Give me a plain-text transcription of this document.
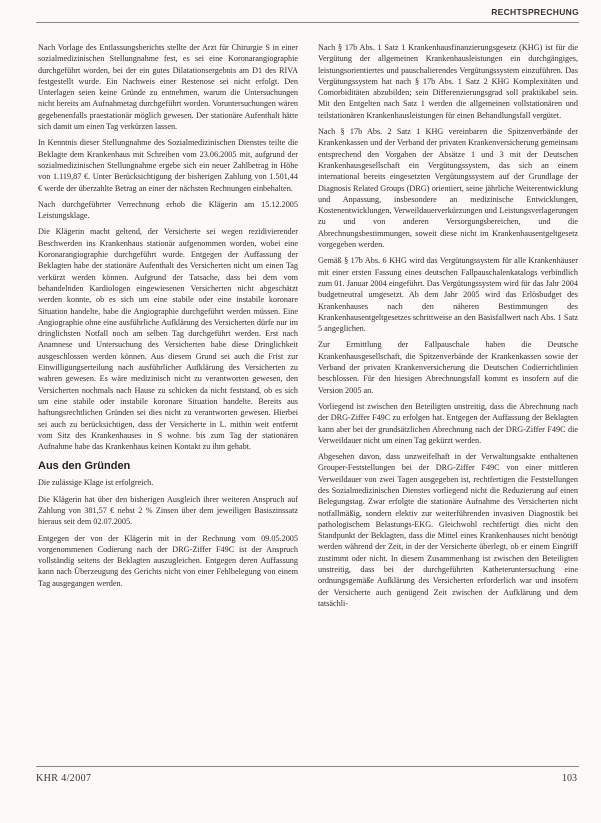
RECHTSPRECHUNG

Nach Vorlage des Entlassungsberichts stellte der Arzt für Chirurgie S in einer sozialmedizinischen Stellungnahme fest, es sei eine Koronarangiographie durchgeführt worden, bei der ein gutes Dilatationsergebnis am D1 des RIVA festgestellt wurde. Ein Nachweis einer Restenose sei nicht erfolgt. Den Unterlagen seien keine Gründe zu entnehmen, warum die Untersuchungen nicht bereits am Aufnahmetag durchgeführt worden. Voruntersuchungen wären gegebenenfalls praestationär möglich gewesen. Der stationäre Aufenthalt hätte sich damit um einen Tag verkürzen lassen.

In Kenntnis dieser Stellungnahme des Sozialmedizinischen Dienstes teilte die Beklagte dem Krankenhaus mit Schreiben vom 23.06.2005 mit, aufgrund der sozialmedizinischen Stellungnahme ergebe sich ein neuer Zahlbetrag in Höhe von 1.119,87 €. Unter Berücksichtigung der bisherigen Zahlung von 1.501,44 € werde der überzahlte Betrag an einer der nächsten Rechnungen einbehalten.

Nach durchgeführter Verrechnung erhob die Klägerin am 15.12.2005 Leistungsklage.

Die Klägerin macht geltend, der Versicherte sei wegen rezidivierender Beschwerden ins Krankenhaus stationär aufgenommen worden, wobei eine Koronarangiographie durchgeführt wurde. Entgegen der Auffassung der Beklagten habe der stationäre Aufenthalt des Versicherten nicht um einen Tag verkürzt werden können. Aufgrund der Tatsache, dass bei dem vom behandelnden Kardiologen eingewiesenen Versicherten nicht abgeschätzt werden konnte, ob es sich um eine stabile oder eine instabile koronare Situation handelte, habe die Angiographie durchgeführt werden müssen. Eine Angiographie ohne eine ausführliche Aufklärung des Versicherten dürfe nur im dringlichsten Notfall noch am selben Tag durchgeführt werden. Erst nach Anamnese und Untersuchung des Versicherten habe diese Dringlichkeit ausgeschlossen werden können. Aus diesem Grund sei auch die Frist zur Einwilligungserteilung nach ausführlicher Aufklärung des Versicherten zu wahren gewesen. Es wäre medizinisch nicht zu verantworten gewesen, den Versicherten nochmals nach Hause zu schicken da nicht feststand, ob es sich um eine stabile oder instabile koronare Situation handelte. Bereits aus haftungsrechtlichen Gründen sei dies nicht zu verantworten gewesen. Hierbei sei auch zu berücksichtigen, dass der Versicherte in L. mithin weit entfernt vom Sitz des Krankenhauses in S wohne. bis zum Tag der stationären Aufnahme habe das Krankenhaus keinen Kontakt zu ihm gehabt.

Aus den Gründen

Die zulässige Klage ist erfolgreich.

Die Klägerin hat über den bisherigen Ausgleich ihrer weiteren Anspruch auf Zahlung von 381,57 € nebst 2 % Zinsen über dem jeweiligen Basiszinssatz hieraus seit dem 02.07.2005.

Entgegen der von der Klägerin mit in der Rechnung vom 09.05.2005 vorgenommenen Codierung nach der DRG-Ziffer F49C ist der Anspruch vollständig seitens der Beklagten auszugleichen. Entgegen deren Auffassung kann nach Überzeugung des Gerichts nicht von einer Fehlbelegung von einem Tag ausgegangen werden.

Nach § 17b Abs. 1 Satz 1 Krankenhausfinanzierungsgesetz (KHG) ist für die Vergütung der allgemeinen Krankenhausleistungen ein durchgängiges, leistungsorientiertes und pauschalierendes Vergütungssystem einzuführen. Das Vergütungssystem hat nach § 17b Abs. 1 Satz 2 KHG Komplexitäten und Comorbiditäten abzubilden; sein Differenzierungsgrad soll praktikabel sein. Mit den Entgelten nach Satz 1 werden die allgemeinen vollstationären und teilstationären Krankenhausleistungen für einen Behandlungsfall vergütet.

Nach § 17b Abs. 2 Satz 1 KHG vereinbaren die Spitzenverbände der Krankenkassen und der Verband der privaten Krankenversicherung gemeinsam entsprechend den Vorgaben der Absätze 1 und 3 mit der Deutschen Krankenhausgesellschaft ein Vergütungssystem, das sich an einem international bereits eingesetzten Vergütungssystem auf der Grundlage der Diagnosis Related Groups (DRG) orientiert, seine jährliche Weiterentwicklung und Anpassung, insbesondere an medizinische Entwicklungen, Kostenentwicklungen, Verweildauerverkürzungen und Leistungsverlagerungen zu und von anderen Versorgungsbereichen, und die Abrechnungsbestimmungen, soweit diese nicht im Krankenhausentgeltgesetz vorgegeben werden.

Gemäß § 17b Abs. 6 KHG wird das Vergütungssystem für alle Krankenhäuser mit einer ersten Fassung eines deutschen Fallpauschalenkatalogs verbindlich zum 01. Januar 2004 eingeführt. Das Vergütungssystem wird für das Jahr 2004 budgetneutral umgesetzt. Ab dem Jahr 2005 wird das Erlösbudget des Krankenhauses nach den näheren Bestimmungen des Krankenhausentgeltgesetzes schrittweise an den Basisfallwert nach Abs. 1 Satz 5 angeglichen.

Zur Ermittlung der Fallpauschale haben die Deutsche Krankenhausgesellschaft, die Spitzenverbände der Krankenkassen sowie der Verband der privaten Krankenversicherung die Deutschen Codierrichtlinien beschlossen. Für den hiesigen Abrechnungsfall kommt es insofern auf die Version 2005 an.

Vorliegend ist zwischen den Beteiligten unstreitig, dass die Abrechnung nach der DRG-Ziffer F49C zu erfolgen hat. Entgegen der Auffassung der Beklagten kann aber bei der grundsätzlichen Abrechnung nach der DRG-Ziffer F49C die Verweildauer nicht um einen Tag gekürzt werden.

Abgesehen davon, dass unzweifelhaft in der Verwaltungsakte enthaltenen Grouper-Feststellungen bei der DRG-Ziffer F49C von einer mittleren Verweildauer von zwei Tagen ausgegeben ist, rechtfertigen die Feststellungen des Sozialmedizinischen Dienstes vorliegend nicht die Reduzierung auf einen Belegungstag. Zwar erfolgte die stationäre Aufnahme des Versicherten nicht notfallmäßig, sondern elektiv zur weiterführenden invasiven Diagnostik bei pathologischem Belastungs-EKG. Gleichwohl rechtfertigt dies nicht den Standpunkt der Beklagten, dass die Mittel eines Krankenhauses nicht benötigt werden während der Zeit, in der der Versicherte überlegt, ob er einem Eingriff zustimmt oder nicht. In diesem Zusammenhang ist zwischen den Beteiligten unstreitig, dass bei der durchgeführten Katheteruntersuchung eine ordnungsgemäße Aufklärung des Versicherten erforderlich war und insofern der Versicherte auch genügend Zeit zwischen der Aufklärung und dem tatsächli-

KHR 4/2007	103
